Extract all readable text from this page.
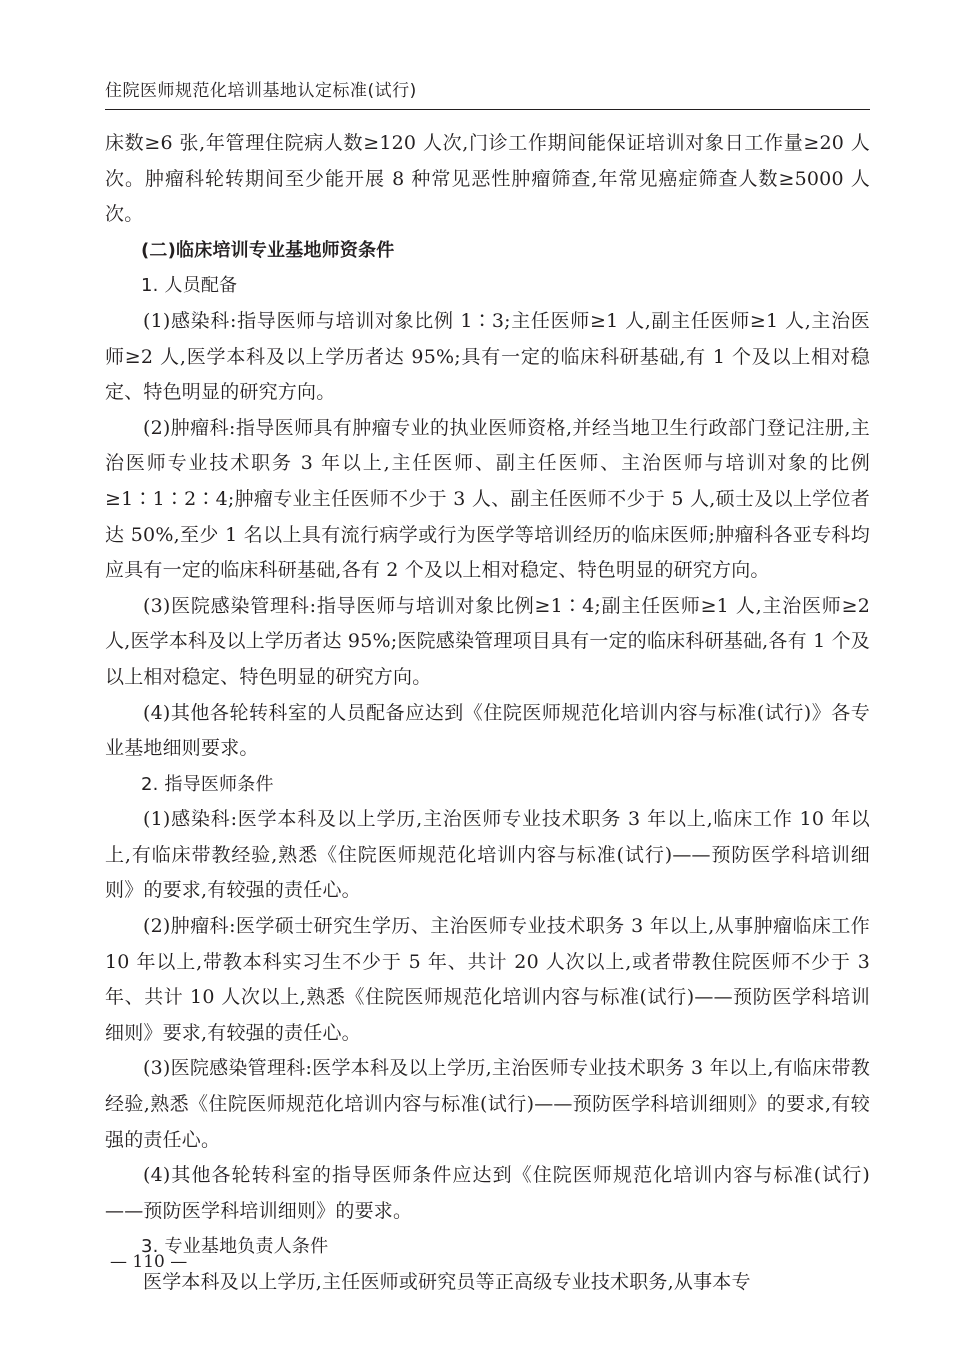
住院医师规范化培训基地认定标准(试行)

床数≥6 张,年管理住院病人数≥120 人次,门诊工作期间能保证培训对象日工作量≥20 人次。肿瘤科轮转期间至少能开展 8 种常见恶性肿瘤筛查,年常见癌症筛查人数≥5000 人次。

(二)临床培训专业基地师资条件

1. 人员配备

(1)感染科:指导医师与培训对象比例 1∶3;主任医师≥1 人,副主任医师≥1 人,主治医师≥2 人,医学本科及以上学历者达 95%;具有一定的临床科研基础,有 1 个及以上相对稳定、特色明显的研究方向。

(2)肿瘤科:指导医师具有肿瘤专业的执业医师资格,并经当地卫生行政部门登记注册,主治医师专业技术职务 3 年以上,主任医师、副主任医师、主治医师与培训对象的比例≥1∶1∶2∶4;肿瘤专业主任医师不少于 3 人、副主任医师不少于 5 人,硕士及以上学位者达 50%,至少 1 名以上具有流行病学或行为医学等培训经历的临床医师;肿瘤科各亚专科均应具有一定的临床科研基础,各有 2 个及以上相对稳定、特色明显的研究方向。

(3)医院感染管理科:指导医师与培训对象比例≥1∶4;副主任医师≥1 人,主治医师≥2 人,医学本科及以上学历者达 95%;医院感染管理项目具有一定的临床科研基础,各有 1 个及以上相对稳定、特色明显的研究方向。

(4)其他各轮转科室的人员配备应达到《住院医师规范化培训内容与标准(试行)》各专业基地细则要求。

2. 指导医师条件

(1)感染科:医学本科及以上学历,主治医师专业技术职务 3 年以上,临床工作 10 年以上,有临床带教经验,熟悉《住院医师规范化培训内容与标准(试行)——预防医学科培训细则》的要求,有较强的责任心。

(2)肿瘤科:医学硕士研究生学历、主治医师专业技术职务 3 年以上,从事肿瘤临床工作 10 年以上,带教本科实习生不少于 5 年、共计 20 人次以上,或者带教住院医师不少于 3 年、共计 10 人次以上,熟悉《住院医师规范化培训内容与标准(试行)——预防医学科培训细则》要求,有较强的责任心。

(3)医院感染管理科:医学本科及以上学历,主治医师专业技术职务 3 年以上,有临床带教经验,熟悉《住院医师规范化培训内容与标准(试行)——预防医学科培训细则》的要求,有较强的责任心。

(4)其他各轮转科室的指导医师条件应达到《住院医师规范化培训内容与标准(试行)——预防医学科培训细则》的要求。

3. 专业基地负责人条件

医学本科及以上学历,主任医师或研究员等正高级专业技术职务,从事本专

— 110 —
